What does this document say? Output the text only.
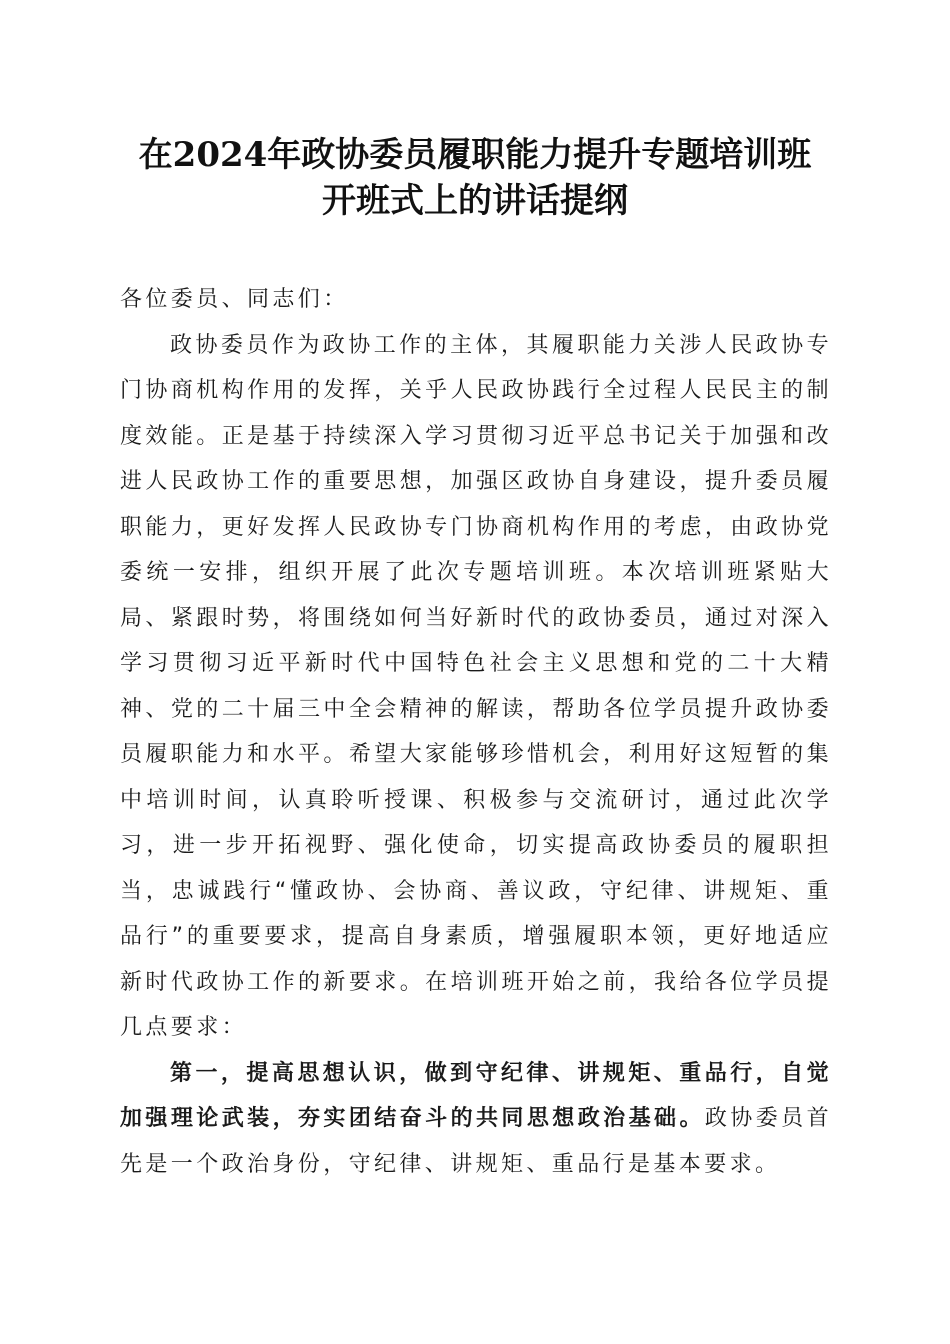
在2024年政协委员履职能力提升专题培训班
开班式上的讲话提纲

各位委员、同志们：

政协委员作为政协工作的主体，其履职能力关涉人民政协专门协商机构作用的发挥，关乎人民政协践行全过程人民民主的制度效能。正是基于持续深入学习贯彻习近平总书记关于加强和改进人民政协工作的重要思想，加强区政协自身建设，提升委员履职能力，更好发挥人民政协专门协商机构作用的考虑，由政协党委统一安排，组织开展了此次专题培训班。本次培训班紧贴大局、紧跟时势，将围绕如何当好新时代的政协委员，通过对深入学习贯彻习近平新时代中国特色社会主义思想和党的二十大精神、党的二十届三中全会精神的解读，帮助各位学员提升政协委员履职能力和水平。希望大家能够珍惜机会，利用好这短暂的集中培训时间，认真聆听授课、积极参与交流研讨，通过此次学习，进一步开拓视野、强化使命，切实提高政协委员的履职担当，忠诚践行“懂政协、会协商、善议政，守纪律、讲规矩、重品行”的重要要求，提高自身素质，增强履职本领，更好地适应新时代政协工作的新要求。在培训班开始之前，我给各位学员提几点要求：

第一，提高思想认识，做到守纪律、讲规矩、重品行，自觉加强理论武装，夯实团结奋斗的共同思想政治基础。政协委员首先是一个政治身份，守纪律、讲规矩、重品行是基本要求。
